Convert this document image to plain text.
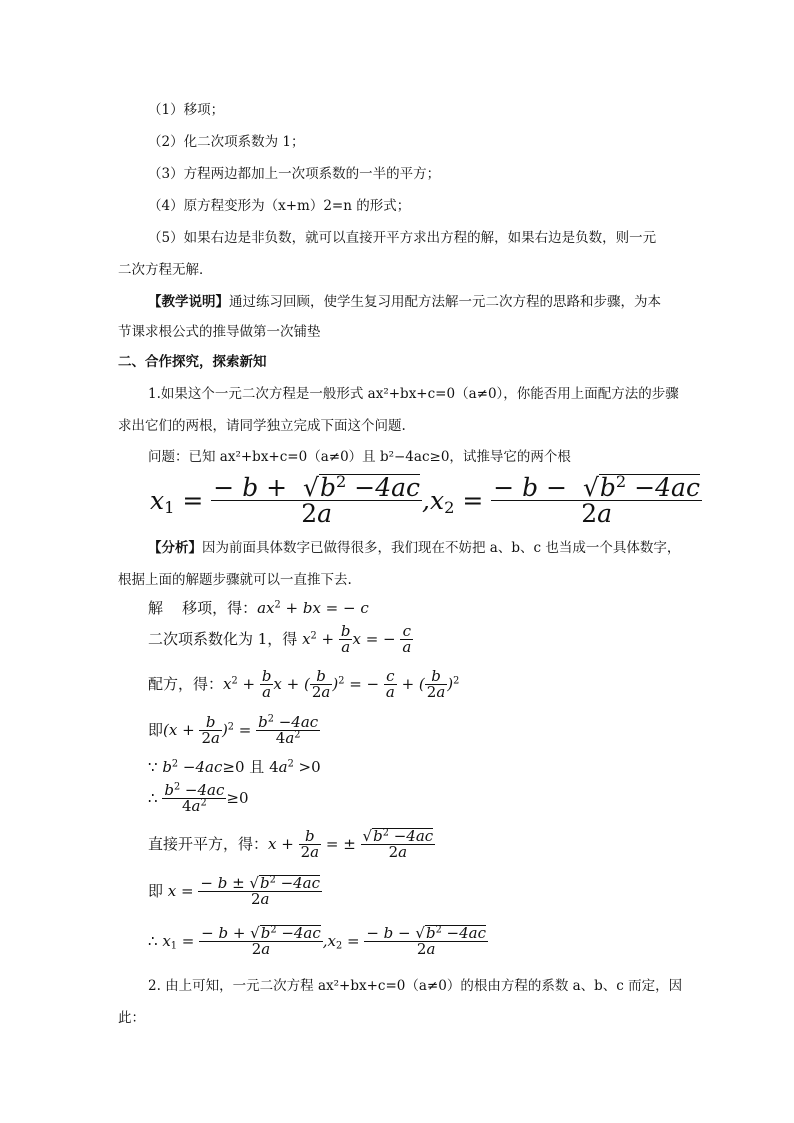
（1）移项；
（2）化二次项系数为 1；
（3）方程两边都加上一次项系数的一半的平方；
（4）原方程变形为（x+m）2=n 的形式；
（5）如果右边是非负数，就可以直接开平方求出方程的解，如果右边是负数，则一元
二次方程无解．
【教学说明】通过练习回顾，使学生复习用配方法解一元二次方程的思路和步骤，为本
节课求根公式的推导做第一次铺垫
二、合作探究，探索新知
1.如果这个一元二次方程是一般形式 ax²+bx+c=0（a≠0），你能否用上面配方法的步骤
求出它们的两根，请同学独立完成下面这个问题.
问题：已知 ax²+bx+c=0（a≠0）且 b²−4ac≥0，试推导它的两个根
$x_1 = \frac{- b + √b^2 -4ac}{2a} ,x_2 = \frac{- b - √b^2 -4ac}{2a}$
【分析】因为前面具体数字已做得很多，我们现在不妨把 a、b、c 也当成一个具体数字，
根据上面的解题步骤就可以一直推下去.
解
移项，得： $ax^2$ + bx = − c
二次项系数化为 1，得 $x^2 + \frac{b}{a}$ x = − $\frac{c}{a}$
配方，得： $x^2 + \frac{b}{a}$ x + ( $\frac{b}{2a} )^2$ = − $\frac{c}{a}$ + ( $\frac{b}{2a} )^2$
即 $(x + \frac{b}{2a} )^2 = \frac{b^2 -4ac}{4a^2}$
∵ $b^2 -4ac\ge 0$ 且 $4a^2 >0$
∴
$\frac{b^2 -4ac}{4a^2} \ge 0$
直接开平方，得： $x + \frac{b}{2a}$ = ± $\frac{√b^2 -4ac}{2a}$
即 $x = \frac{- b \pm √b^2 -4ac}{2a}$
∴ $x_1 = \frac{- b + √b^2 -4ac}{2a} ,x_2 = \frac{- b - √b^2 -4ac}{2a}$
2. 由上可知，一元二次方程 ax²+bx+c=0（a≠0）的根由方程的系数 a、b、c 而定，因
此：
